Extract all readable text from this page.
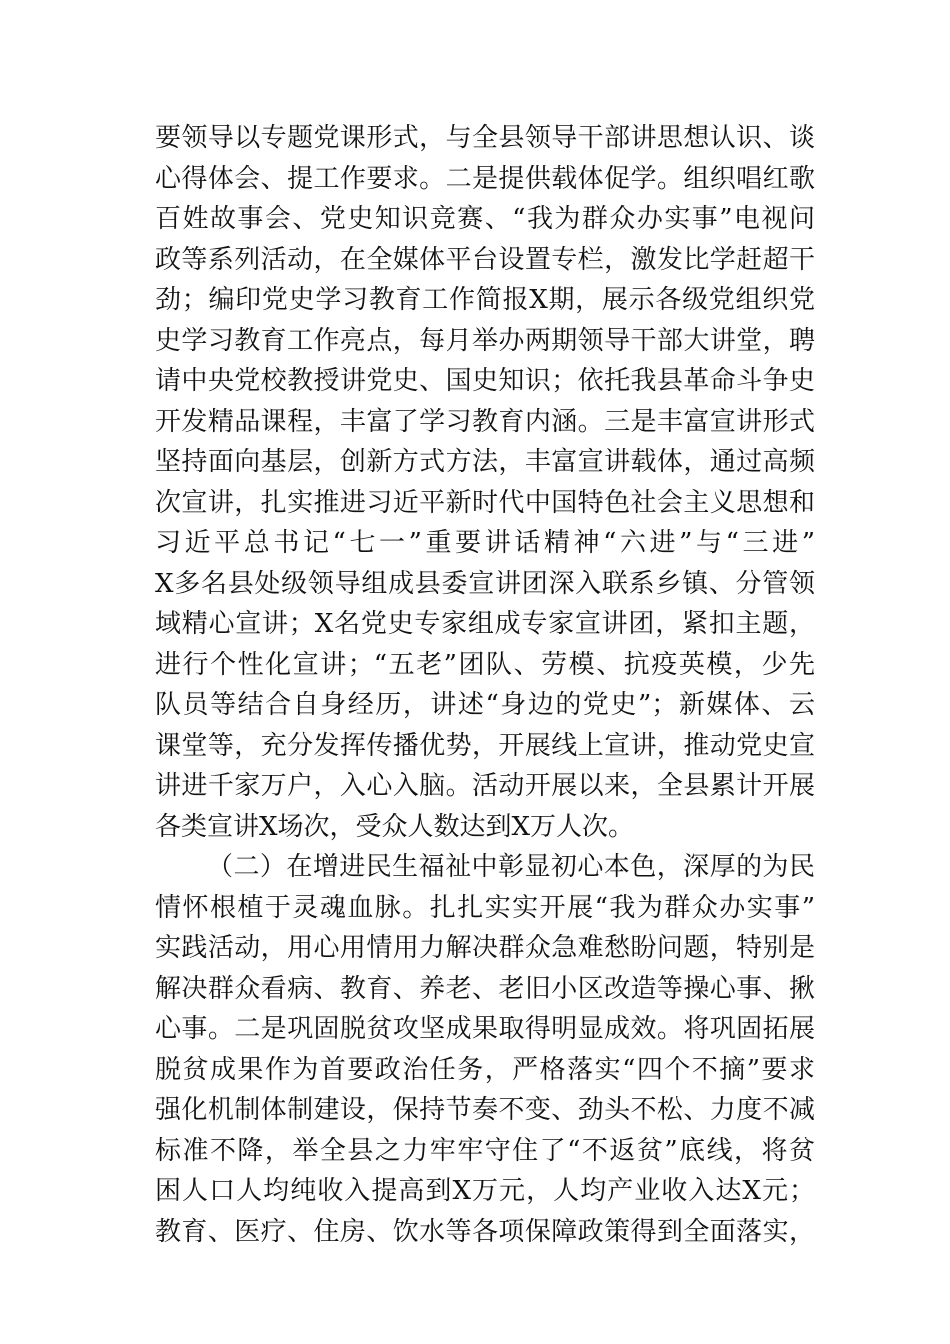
要领导以专题党课形式，与全县领导干部讲思想认识、谈
心得体会、提工作要求。二是提供载体促学。组织唱红歌
百姓故事会、党史知识竞赛、“我为群众办实事”电视问
政等系列活动，在全媒体平台设置专栏，激发比学赶超干
劲；编印党史学习教育工作简报X期，展示各级党组织党
史学习教育工作亮点，每月举办两期领导干部大讲堂，聘
请中央党校教授讲党史、国史知识；依托我县革命斗争史
开发精品课程，丰富了学习教育内涵。三是丰富宣讲形式
坚持面向基层，创新方式方法，丰富宣讲载体，通过高频
次宣讲，扎实推进习近平新时代中国特色社会主义思想和
习近平总书记“七一”重要讲话精神“六进”与“三进”
X多名县处级领导组成县委宣讲团深入联系乡镇、分管领
域精心宣讲；X名党史专家组成专家宣讲团，紧扣主题，
进行个性化宣讲；“五老”团队、劳模、抗疫英模，少先
队员等结合自身经历，讲述“身边的党史”；新媒体、云
课堂等，充分发挥传播优势，开展线上宣讲，推动党史宣
讲进千家万户，入心入脑。活动开展以来，全县累计开展
各类宣讲X场次，受众人数达到X万人次。
（二）在增进民生福祉中彰显初心本色，深厚的为民
情怀根植于灵魂血脉。扎扎实实开展“我为群众办实事”
实践活动，用心用情用力解决群众急难愁盼问题，特别是
解决群众看病、教育、养老、老旧小区改造等操心事、揪
心事。二是巩固脱贫攻坚成果取得明显成效。将巩固拓展
脱贫成果作为首要政治任务，严格落实“四个不摘”要求
强化机制体制建设，保持节奏不变、劲头不松、力度不减
标准不降，举全县之力牢牢守住了“不返贫”底线，将贫
困人口人均纯收入提高到X万元，人均产业收入达X元；
教育、医疗、住房、饮水等各项保障政策得到全面落实，
